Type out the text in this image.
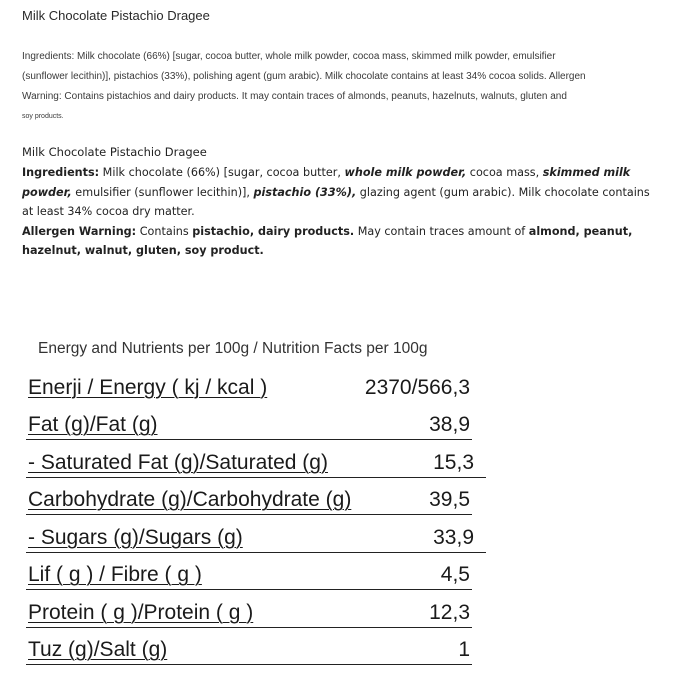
Milk Chocolate Pistachio Dragee
Ingredients: Milk chocolate (66%) [sugar, cocoa butter, whole milk powder, cocoa mass, skimmed milk powder, emulsifier
(sunflower lecithin)], pistachios (33%), polishing agent (gum arabic). Milk chocolate contains at least 34% cocoa solids. Allergen
Warning: Contains pistachios and dairy products. It may contain traces of almonds, peanuts, hazelnuts, walnuts, gluten and
soy products.
Milk Chocolate Pistachio Dragee
Ingredients: Milk chocolate (66%) [sugar, cocoa butter, whole milk powder, cocoa mass, skimmed milk powder, emulsifier (sunflower lecithin)], pistachio (33%), glazing agent (gum arabic). Milk chocolate contains at least 34% cocoa dry matter.
Allergen Warning: Contains pistachio, dairy products. May contain traces amount of almond, peanut, hazelnut, walnut, gluten, soy product.
Energy and Nutrients per 100g / Nutrition Facts per 100g
Enerji / Energy ( kj / kcal )	2370/566,3
Fat (g)/Fat (g)	38,9
- Saturated Fat (g)/Saturated (g)	15,3
Carbohydrate (g)/Carbohydrate (g)	39,5
- Sugars (g)/Sugars (g)	33,9
Lif ( g ) / Fibre ( g )	4,5
Protein ( g )/Protein ( g )	12,3
Tuz (g)/Salt (g)	1
